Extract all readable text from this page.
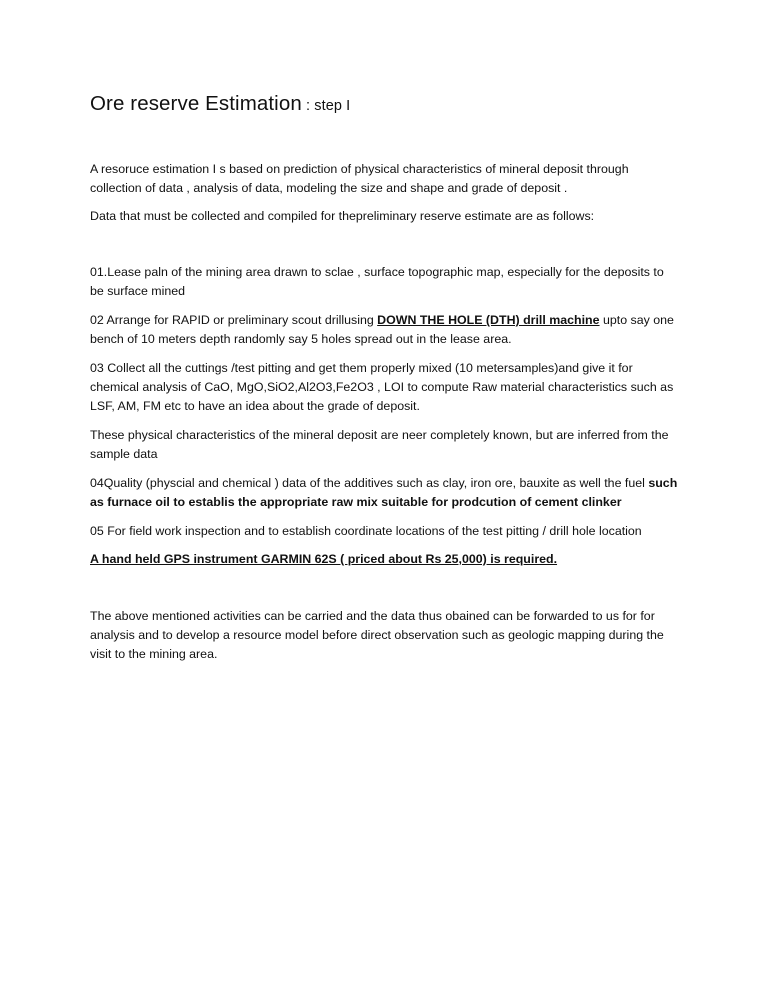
Ore reserve Estimation : step I

A resoruce estimation I s based on prediction of physical characteristics of mineral deposit through collection of data , analysis of data, modeling the size and shape and grade of deposit .

Data that must be collected and compiled for thepreliminary reserve estimate are as follows:

01.Lease paln of the mining area drawn to sclae , surface topographic map, especially for the deposits to be surface mined

02 Arrange for RAPID or preliminary scout drillusing DOWN THE HOLE (DTH) drill machine upto say one bench of 10 meters depth randomly say 5 holes spread out in the lease area.

03 Collect all the cuttings /test pitting and get them properly mixed (10 metersamples)and give it for chemical analysis of CaO, MgO,SiO2,Al2O3,Fe2O3 , LOI to compute Raw material characteristics such as LSF, AM, FM etc to have an idea about the grade of deposit.

These physical characteristics of the mineral deposit are neer completely known, but are inferred from the sample data

04Quality (physcial and chemical ) data of the additives such as clay, iron ore, bauxite as well the fuel such as furnace oil to establis the appropriate raw mix suitable for prodcution of cement clinker

05 For field work inspection and to establish coordinate locations of the test pitting / drill hole location

A hand held GPS instrument GARMIN 62S ( priced about Rs 25,000) is required.

The above mentioned activities can be carried and the data thus obained can be forwarded to us for for analysis and to develop a resource model before direct observation such as geologic mapping during the visit to the mining area.
